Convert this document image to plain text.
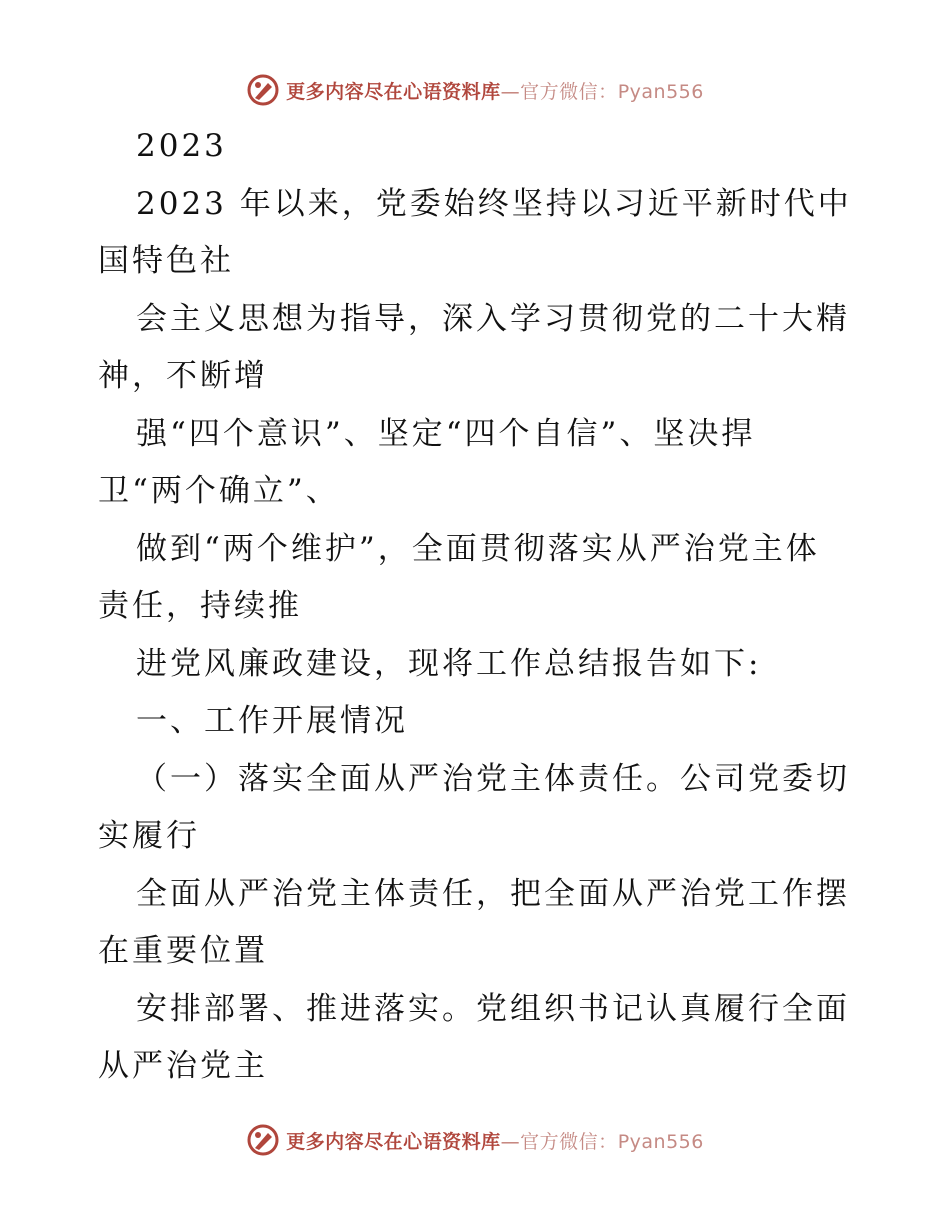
更多内容尽在心语资料库—官方微信：Pyan556

2023

2023 年以来，党委始终坚持以习近平新时代中

国特色社

会主义思想为指导，深入学习贯彻党的二十大精

神，不断增

强“四个意识”、坚定“四个自信”、坚决捍

卫“两个确立”、

做到“两个维护”，全面贯彻落实从严治党主体

责任，持续推

进党风廉政建设，现将工作总结报告如下:

一、工作开展情况

（一）落实全面从严治党主体责任。公司党委切

实履行

全面从严治党主体责任，把全面从严治党工作摆

在重要位置

安排部署、推进落实。党组织书记认真履行全面

从严治党主

更多内容尽在心语资料库—官方微信：Pyan556
